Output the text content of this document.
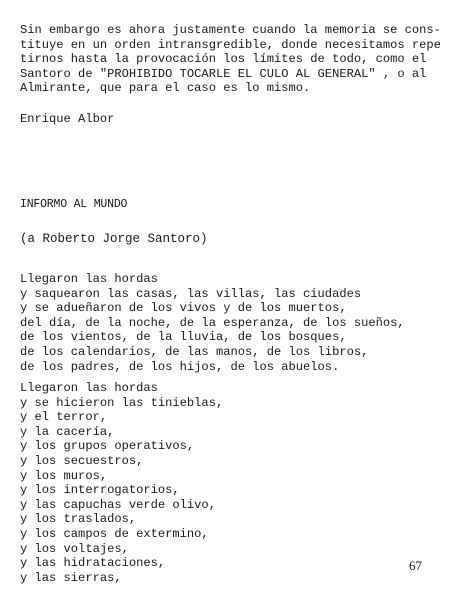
Sin embargo es ahora justamente cuando la memoria se cons-
tituye en un orden intransgredible, donde necesitamos repe
tirnos hasta la provocación los límites de todo, como el
Santoro de "PROHIBIDO TOCARLE EL CULO AL GENERAL" , o al
Almirante, que para el caso es lo mismo.
Enrique Albor
INFORMO AL MUNDO
(a Roberto Jorge Santoro)
Llegaron las hordas
y saquearon las casas, las villas, las ciudades
y se adueñaron de los vivos y de los muertos,
del día, de la noche, de la esperanza, de los sueños,
de los vientos, de la lluvia, de los bosques,
de los calendarios, de las manos, de los libros,
de los padres, de los hijos, de los abuelos.
Llegaron las hordas
y se hicieron las tinieblas,
y el terror,
y la cacería,
y los grupos operativos,
y los secuestros,
y los muros,
y los interrogatorios,
y las capuchas verde olivo,
y los traslados,
y los campos de extermino,
y los voltajes,
y las hidrataciones,
y las sierras,
67
